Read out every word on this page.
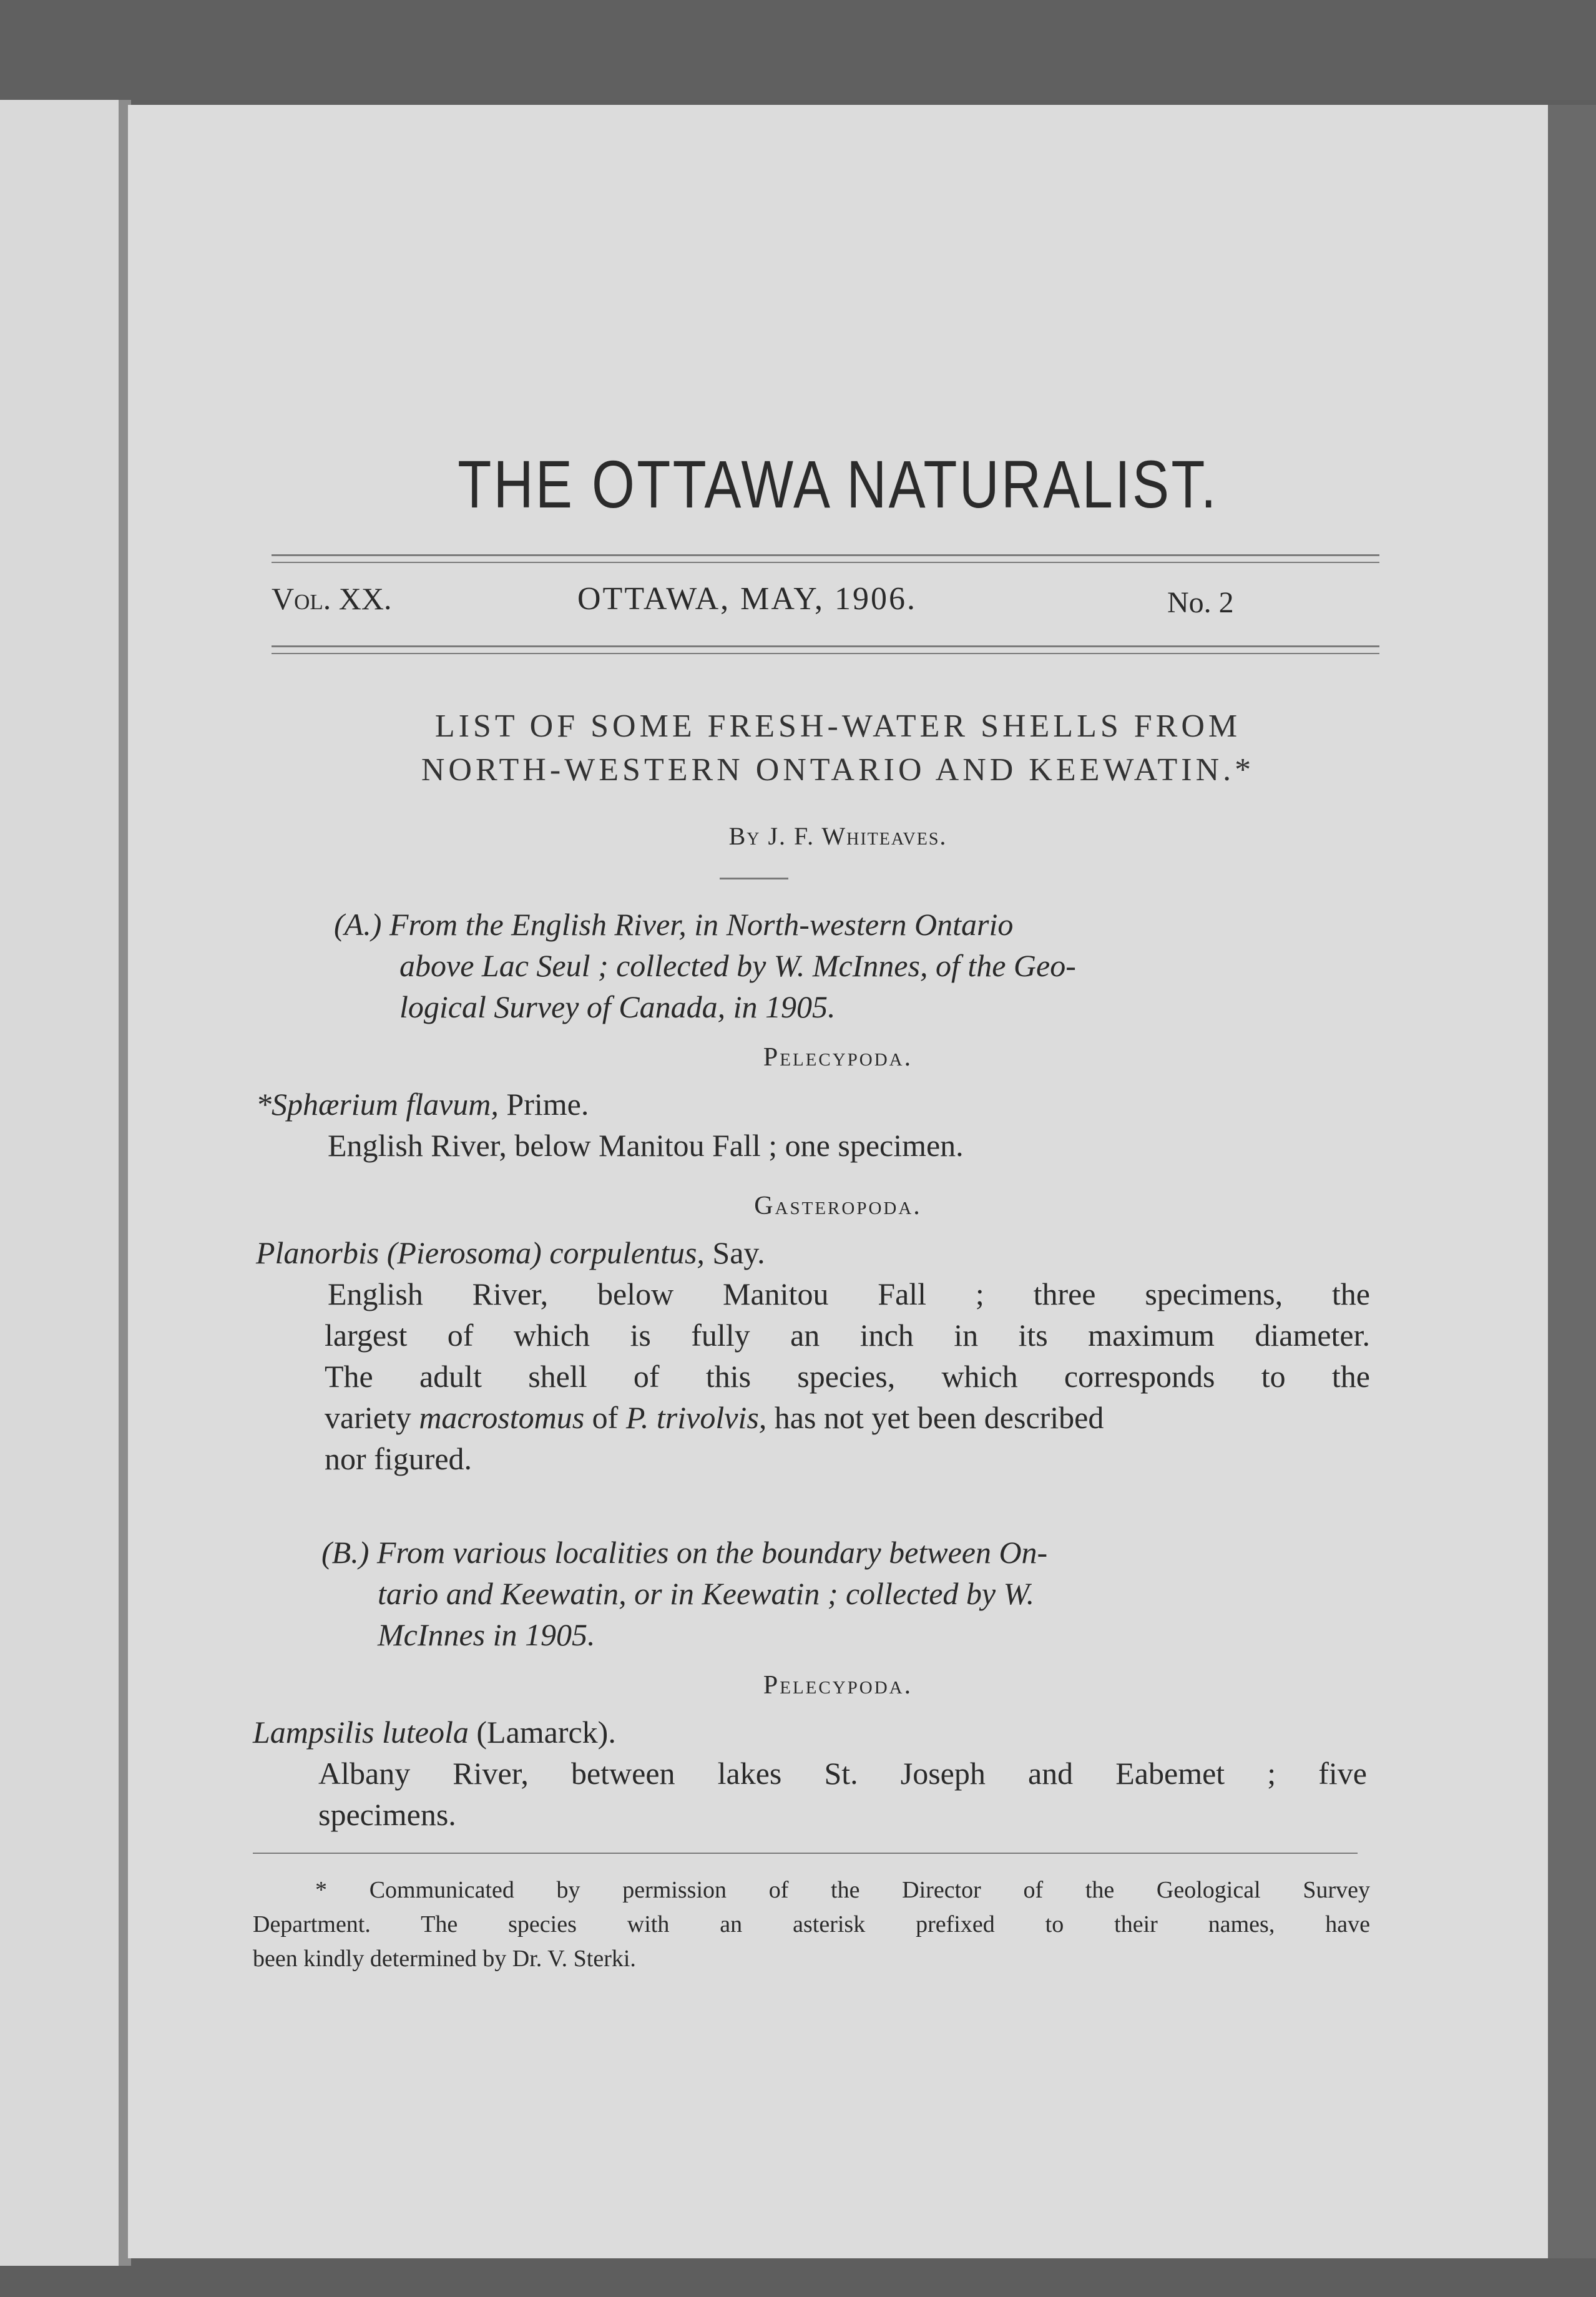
THE OTTAWA NATURALIST.
Vol. XX.	OTTAWA, MAY, 1906.	No. 2
LIST OF SOME FRESH-WATER SHELLS FROM
NORTH-WESTERN ONTARIO AND KEEWATIN.*
By J. F. Whiteaves.
(A.) From the English River, in North-western Ontario
above Lac Seul ; collected by W. McInnes, of the Geo-
logical Survey of Canada, in 1905.
Pelecypoda.
*Sphærium flavum, Prime.
English River, below Manitou Fall ; one specimen.
Gasteropoda.
Planorbis (Pierosoma) corpulentus, Say.
English River, below Manitou Fall ; three specimens, the
largest of which is fully an inch in its maximum diameter.
The adult shell of this species, which corresponds to the
variety macrostomus of P. trivolvis, has not yet been described
nor figured.
(B.) From various localities on the boundary between On-
tario and Keewatin, or in Keewatin ; collected by W.
McInnes in 1905.
Pelecypoda.
Lampsilis luteola (Lamarck).
Albany River, between lakes St. Joseph and Eabemet ; five
specimens.
* Communicated by permission of the Director of the Geological Survey
Department. The species with an asterisk prefixed to their names, have
been kindly determined by Dr. V. Sterki.
